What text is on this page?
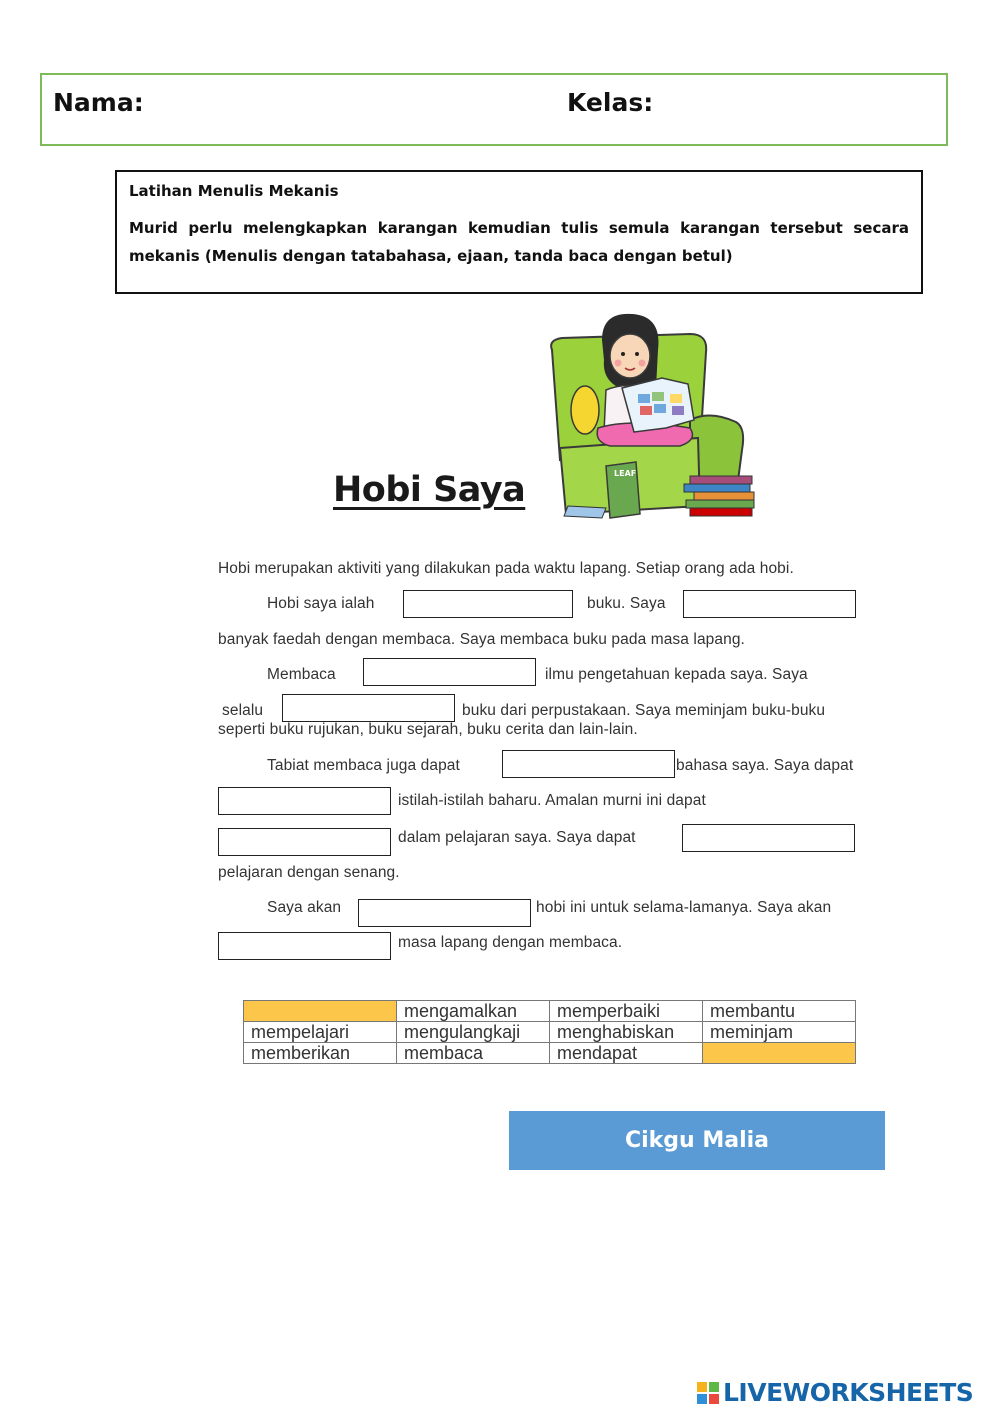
Nama:	Kelas:
Latihan Menulis Mekanis
Murid perlu melengkapkan karangan kemudian tulis semula karangan tersebut secara mekanis (Menulis dengan tatabahasa, ejaan, tanda baca dengan betul)
LEAF
Hobi Saya
Hobi merupakan aktiviti yang dilakukan pada waktu lapang. Setiap orang ada hobi.
Hobi saya ialah	buku. Saya
banyak faedah dengan membaca. Saya membaca buku pada masa lapang.
Membaca	ilmu pengetahuan kepada saya. Saya
selalu	buku dari perpustakaan. Saya meminjam buku-buku
seperti buku rujukan, buku sejarah, buku cerita dan lain-lain.
Tabiat membaca juga dapat	bahasa saya. Saya dapat
istilah-istilah baharu. Amalan murni ini dapat
dalam pelajaran saya. Saya dapat
pelajaran dengan senang.
Saya akan	hobi ini untuk selama-lamanya. Saya akan
masa lapang dengan membaca.
	mengamalkan	memperbaiki	membantu
mempelajari	mengulangkaji	menghabiskan	meminjam
memberikan	membaca	mendapat	
Cikgu Malia
LIVEWORKSHEETS
